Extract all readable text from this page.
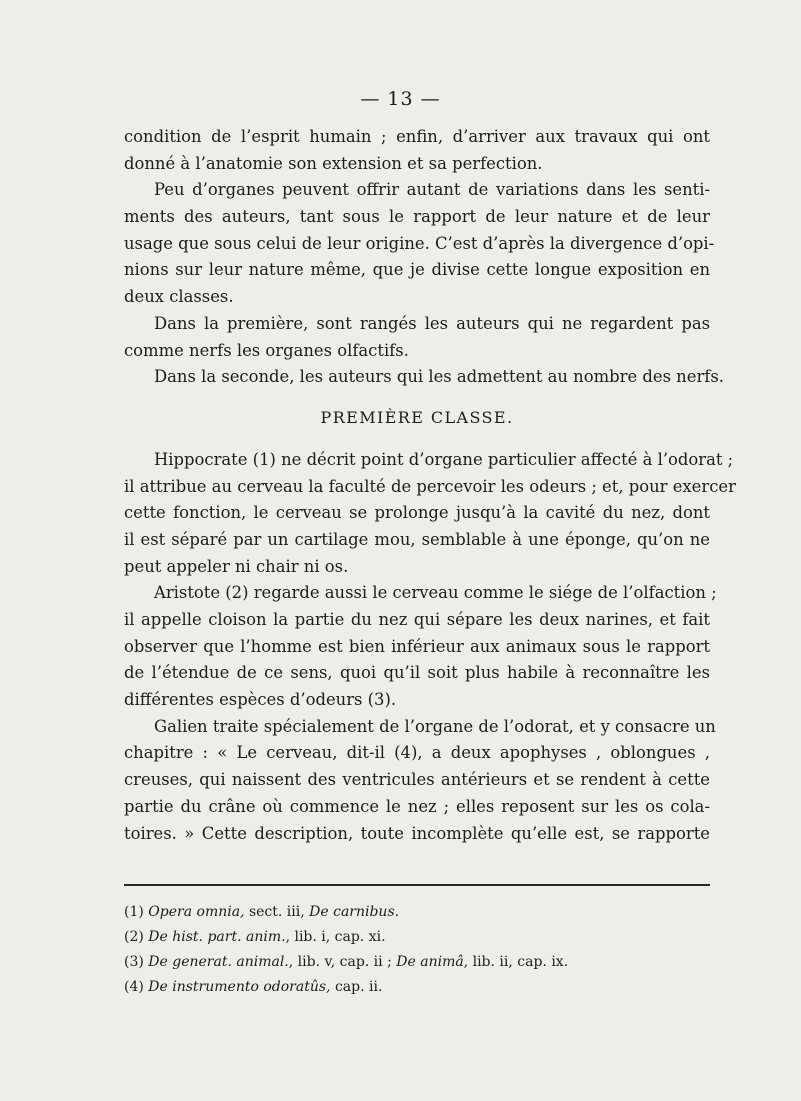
— 13 —
condition de l’esprit humain ; enfin, d’arriver aux travaux qui ont
donné à l’anatomie son extension et sa perfection.
Peu d’organes peuvent offrir autant de variations dans les senti-
ments des auteurs, tant sous le rapport de leur nature et de leur
usage que sous celui de leur origine. C’est d’après la divergence d’opi-
nions sur leur nature même, que je divise cette longue exposition en
deux classes.
Dans la première, sont rangés les auteurs qui ne regardent pas
comme nerfs les organes olfactifs.
Dans la seconde, les auteurs qui les admettent au nombre des nerfs.
PREMIÈRE CLASSE.
Hippocrate (1) ne décrit point d’organe particulier affecté à l’odorat ;
il attribue au cerveau la faculté de percevoir les odeurs ; et, pour exercer
cette fonction, le cerveau se prolonge jusqu’à la cavité du nez, dont
il est séparé par un cartilage mou, semblable à une éponge, qu’on ne
peut appeler ni chair ni os.
Aristote (2) regarde aussi le cerveau comme le siége de l’olfaction ;
il appelle cloison la partie du nez qui sépare les deux narines, et fait
observer que l’homme est bien inférieur aux animaux sous le rapport
de l’étendue de ce sens, quoi qu’il soit plus habile à reconnaître les
différentes espèces d’odeurs (3).
Galien traite spécialement de l’organe de l’odorat, et y consacre un
chapitre : « Le cerveau, dit-il (4), a deux apophyses , oblongues ,
creuses, qui naissent des ventricules antérieurs et se rendent à cette
partie du crâne où commence le nez ; elles reposent sur les os cola-
toires. » Cette description, toute incomplète qu’elle est, se rapporte
(1) Opera omnia, sect. iii, De carnibus.
(2) De hist. part. anim., lib. i, cap. xi.
(3) De generat. animal., lib. v, cap. ii ; De animâ, lib. ii, cap. ix.
(4) De instrumento odoratûs, cap. ii.
